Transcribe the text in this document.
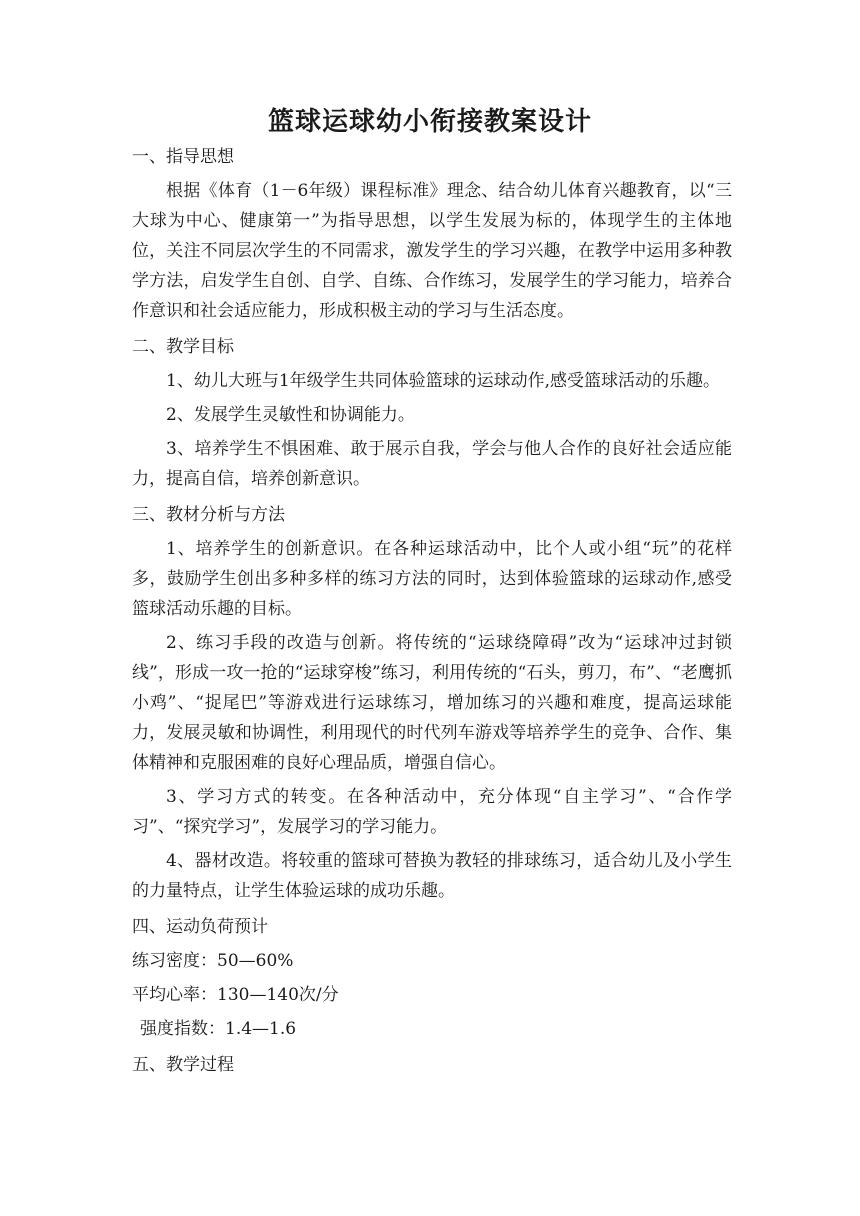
篮球运球幼小衔接教案设计
一、指导思想

根据《体育（1－6年级）课程标准》理念、结合幼儿体育兴趣教育，以“三大球为中心、健康第一”为指导思想，以学生发展为标的，体现学生的主体地位，关注不同层次学生的不同需求，激发学生的学习兴趣，在教学中运用多种教学方法，启发学生自创、自学、自练、合作练习，发展学生的学习能力，培养合作意识和社会适应能力，形成积极主动的学习与生活态度。

二、教学目标

1、幼儿大班与1年级学生共同体验篮球的运球动作,感受篮球活动的乐趣。

2、发展学生灵敏性和协调能力。

3、培养学生不惧困难、敢于展示自我，学会与他人合作的良好社会适应能力，提高自信，培养创新意识。

三、教材分析与方法

1、培养学生的创新意识。在各种运球活动中，比个人或小组“玩”的花样多，鼓励学生创出多种多样的练习方法的同时，达到体验篮球的运球动作,感受篮球活动乐趣的目标。

2、练习手段的改造与创新。将传统的“运球绕障碍”改为“运球冲过封锁线”，形成一攻一抢的“运球穿梭”练习，利用传统的“石头，剪刀，布”、“老鹰抓小鸡”、“捉尾巴”等游戏进行运球练习，增加练习的兴趣和难度，提高运球能力，发展灵敏和协调性，利用现代的时代列车游戏等培养学生的竞争、合作、集体精神和克服困难的良好心理品质，增强自信心。

3、学习方式的转变。在各种活动中，充分体现“自主学习”、“合作学习”、“探究学习”，发展学习的学习能力。

4、器材改造。将较重的篮球可替换为教轻的排球练习，适合幼儿及小学生的力量特点，让学生体验运球的成功乐趣。

四、运动负荷预计
练习密度：50—60%
平均心率：130—140次/分
强度指数：1.4—1.6
五、教学过程
